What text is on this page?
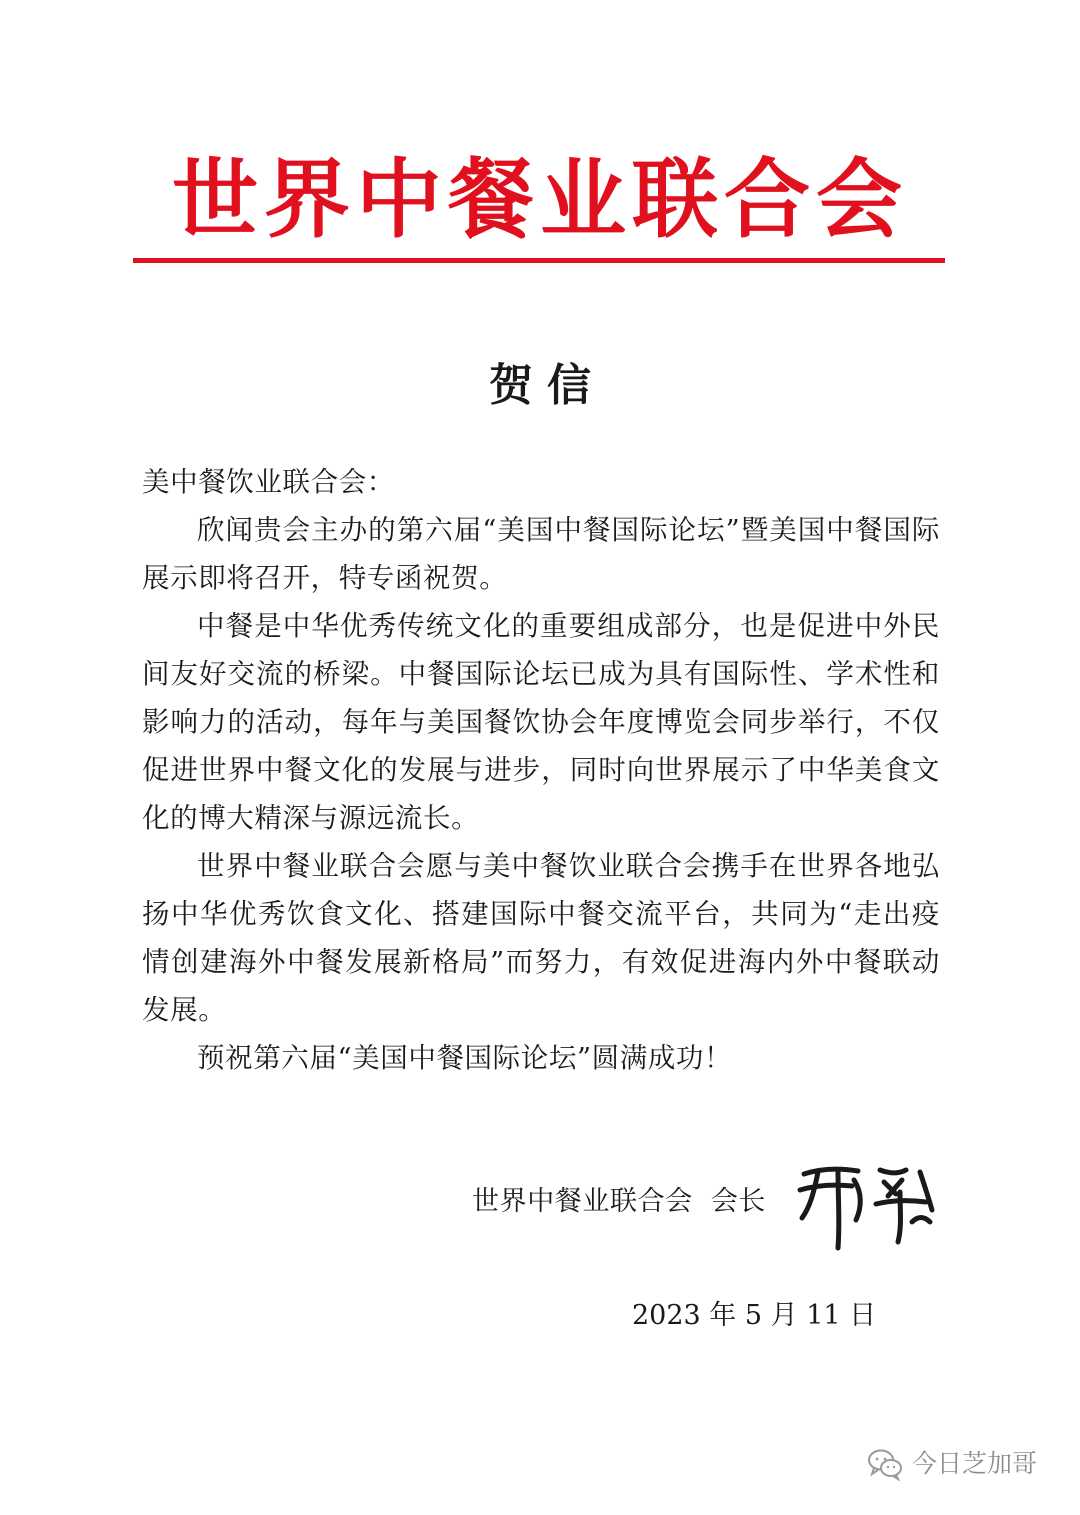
世界中餐业联合会
贺信

美中餐饮业联合会：

欣闻贵会主办的第六届“美国中餐国际论坛”暨美国中餐国际展示即将召开，特专函祝贺。

中餐是中华优秀传统文化的重要组成部分，也是促进中外民间友好交流的桥梁。中餐国际论坛已成为具有国际性、学术性和影响力的活动，每年与美国餐饮协会年度博览会同步举行，不仅促进世界中餐文化的发展与进步，同时向世界展示了中华美食文化的博大精深与源远流长。

世界中餐业联合会愿与美中餐饮业联合会携手在世界各地弘扬中华优秀饮食文化、搭建国际中餐交流平台，共同为“走出疫情创建海外中餐发展新格局”而努力，有效促进海内外中餐联动发展。

预祝第六届“美国中餐国际论坛”圆满成功！

世界中餐业联合会 会长
2023 年 5 月 11 日
今日芝加哥
